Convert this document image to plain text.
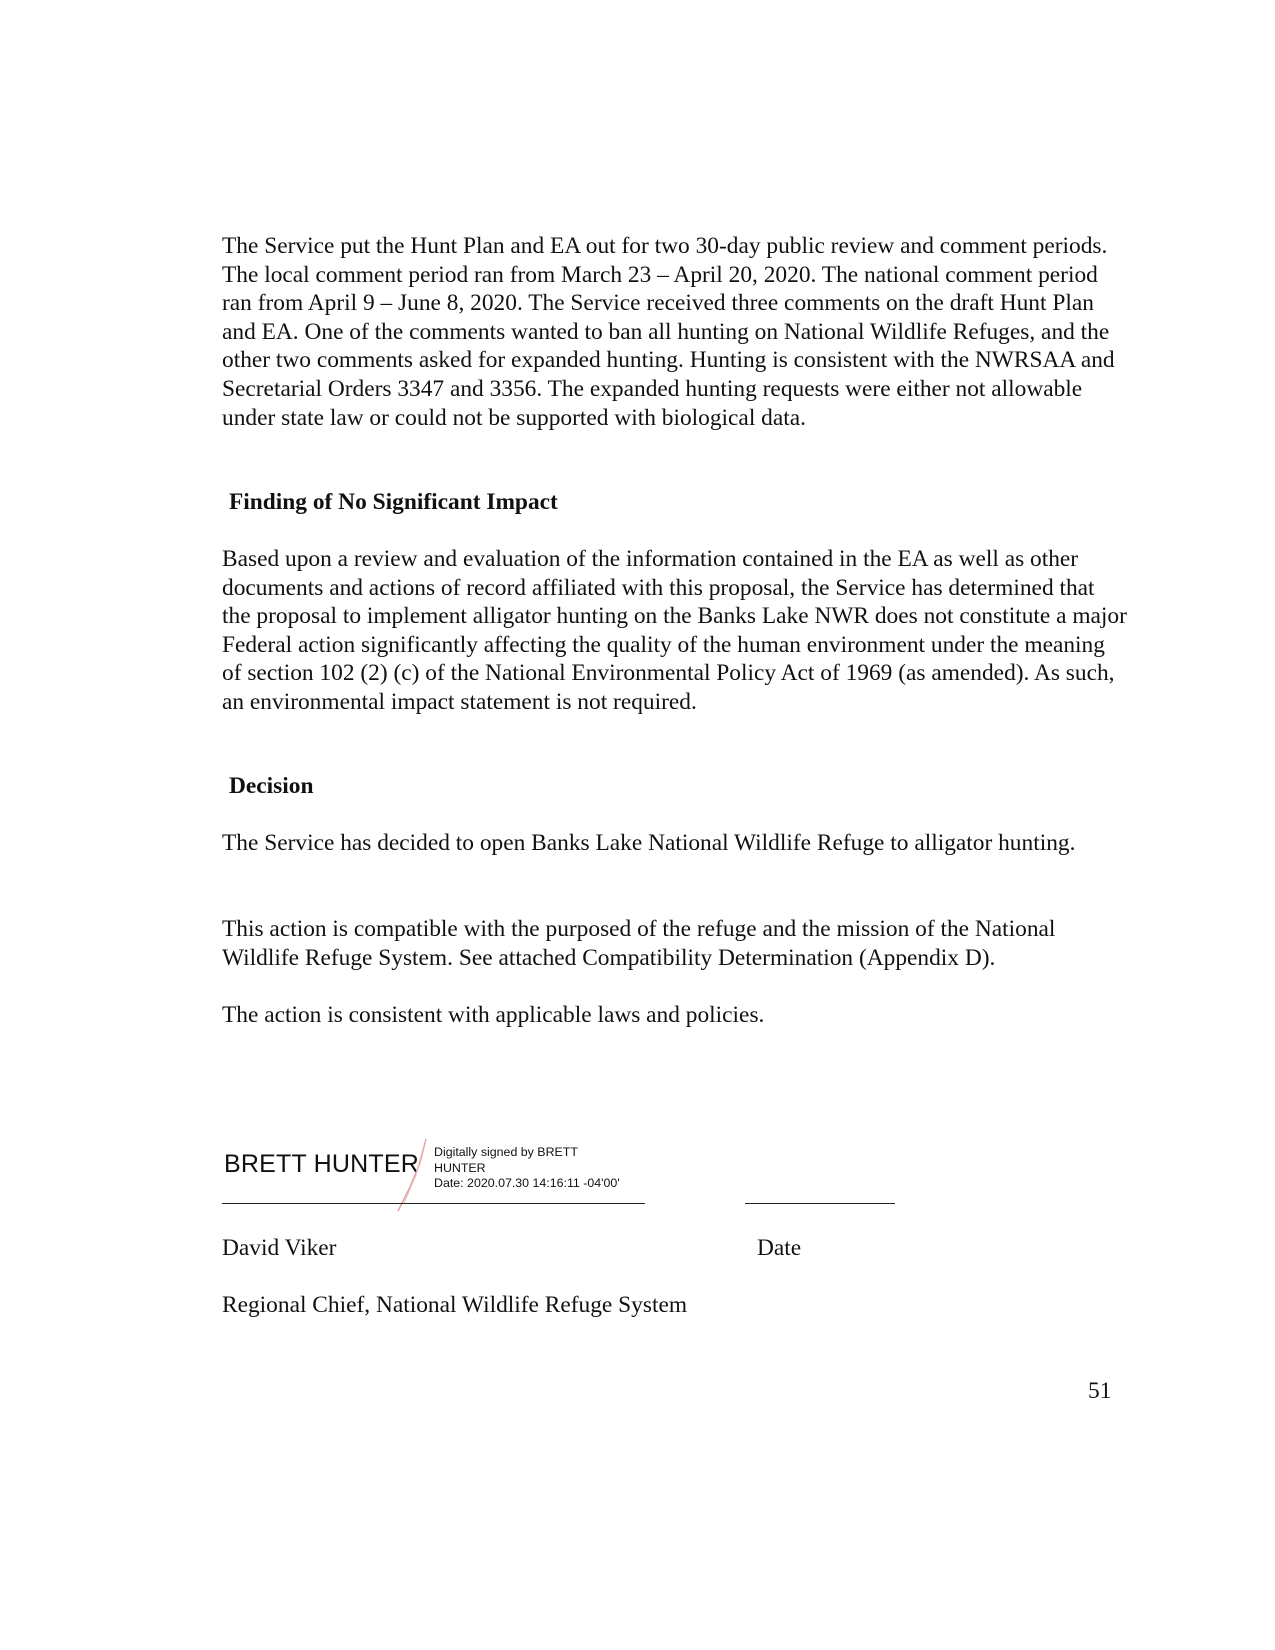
The Service put the Hunt Plan and EA out for two 30-day public review and comment periods. The local comment period ran from March 23 – April 20, 2020. The national comment period ran from April 9 – June 8, 2020. The Service received three comments on the draft Hunt Plan and EA. One of the comments wanted to ban all hunting on National Wildlife Refuges, and the other two comments asked for expanded hunting. Hunting is consistent with the NWRSAA and Secretarial Orders 3347 and 3356. The expanded hunting requests were either not allowable under state law or could not be supported with biological data.

Finding of No Significant Impact

Based upon a review and evaluation of the information contained in the EA as well as other documents and actions of record affiliated with this proposal, the Service has determined that the proposal to implement alligator hunting on the Banks Lake NWR does not constitute a major Federal action significantly affecting the quality of the human environment under the meaning of section 102 (2) (c) of the National Environmental Policy Act of 1969 (as amended). As such, an environmental impact statement is not required.

Decision

The Service has decided to open Banks Lake National Wildlife Refuge to alligator hunting.

This action is compatible with the purposed of the refuge and the mission of the National Wildlife Refuge System. See attached Compatibility Determination (Appendix D).

The action is consistent with applicable laws and policies.

BRETT HUNTER Digitally signed by BRETT
HUNTER
Date: 2020.07.30 14:16:11 -04'00'

David Viker	Date

Regional Chief, National Wildlife Refuge System

51
